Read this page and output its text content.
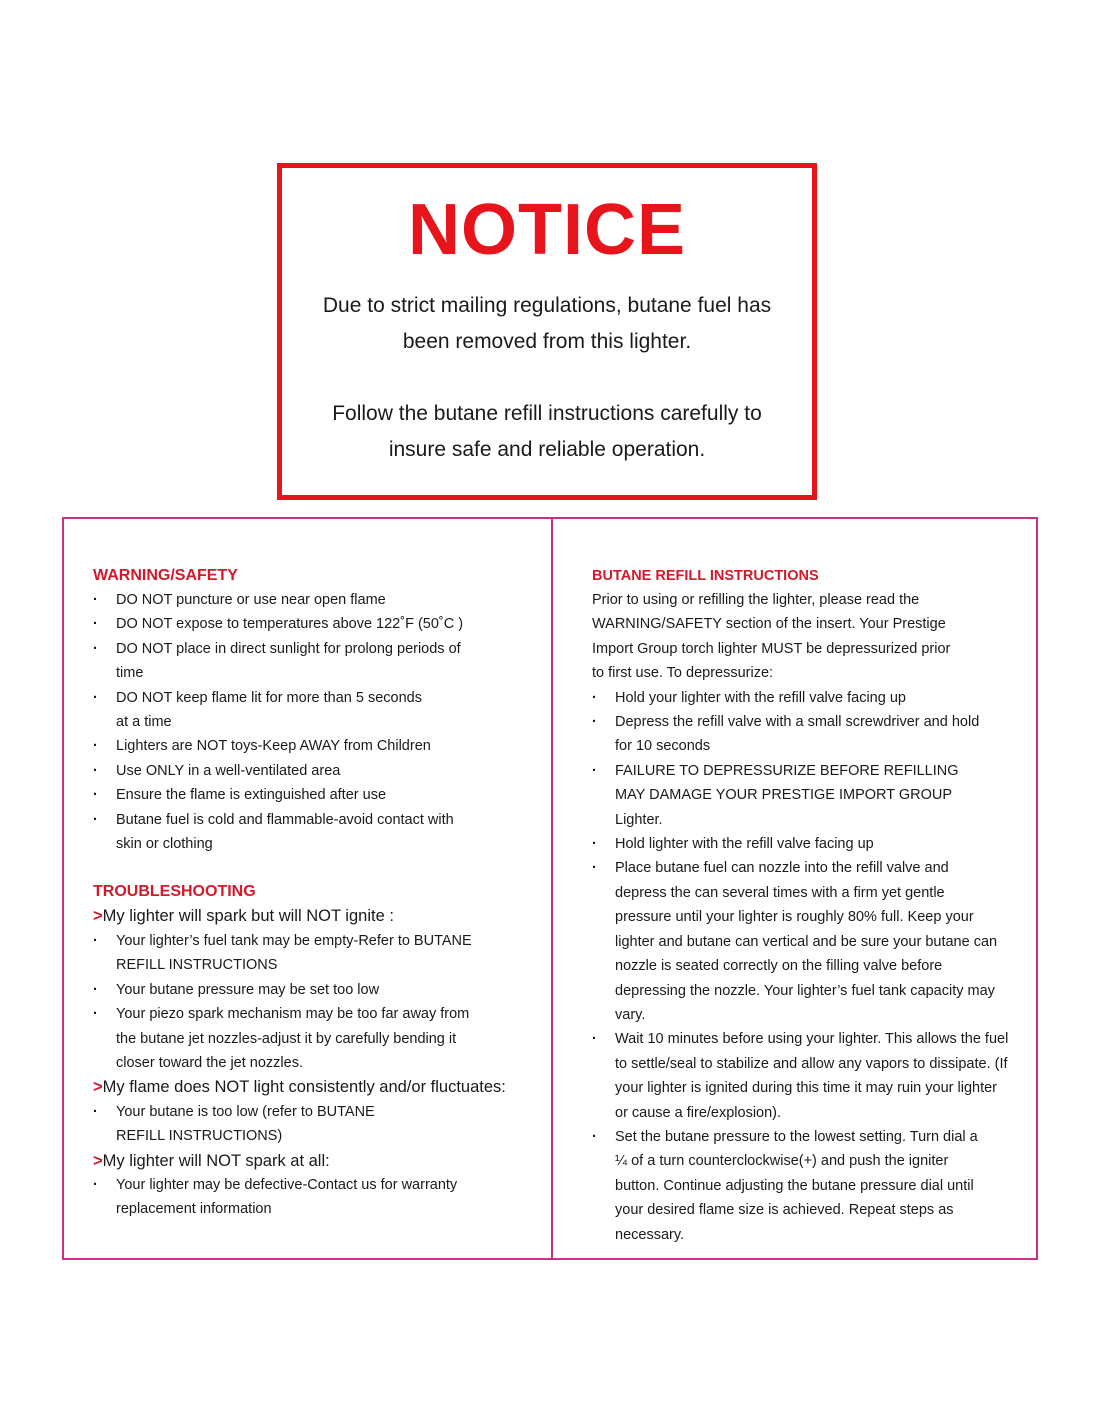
NOTICE

Due to strict mailing regulations, butane fuel has been removed from this lighter.

Follow the butane refill instructions carefully to insure safe and reliable operation.

WARNING/SAFETY
· DO NOT puncture or use near open flame
· DO NOT expose to temperatures above 122˚F (50˚C )
· DO NOT place in direct sunlight for prolong periods of time
· DO NOT keep flame lit for more than 5 seconds at a time
· Lighters are NOT toys-Keep AWAY from Children
· Use ONLY in a well-ventilated area
· Ensure the flame is extinguished after use
· Butane fuel is cold and flammable-avoid contact with skin or clothing
TROUBLESHOOTING

>My lighter will spark but will NOT ignite :

· Your lighter’s fuel tank may be empty-Refer to BUTANE REFILL INSTRUCTIONS
· Your butane pressure may be set too low
· Your piezo spark mechanism may be too far away from the butane jet nozzles-adjust it by carefully bending it closer toward the jet nozzles.

>My flame does NOT light consistently and/or fluctuates:

· Your butane is too low (refer to BUTANE REFILL INSTRUCTIONS)

>My lighter will NOT spark at all:

· Your lighter may be defective-Contact us for warranty replacement information
BUTANE REFILL INSTRUCTIONS

Prior to using or refilling the lighter, please read the WARNING/SAFETY section of the insert. Your Prestige Import Group torch lighter MUST be depressurized prior to first use. To depressurize:

· Hold your lighter with the refill valve facing up
· Depress the refill valve with a small screwdriver and hold for 10 seconds
· FAILURE TO DEPRESSURIZE BEFORE REFILLING MAY DAMAGE YOUR PRESTIGE IMPORT GROUP Lighter.
· Hold lighter with the refill valve facing up
· Place butane fuel can nozzle into the refill valve and depress the can several times with a firm yet gentle pressure until your lighter is roughly 80% full. Keep your lighter and butane can vertical and be sure your butane can nozzle is seated correctly on the filling valve before depressing the nozzle. Your lighter’s fuel tank capacity may vary.
· Wait 10 minutes before using your lighter. This allows the fuel to settle/seal to stabilize and allow any vapors to dissipate. (If your lighter is ignited during this time it may ruin your lighter or cause a fire/explosion).
· Set the butane pressure to the lowest setting. Turn dial a ¼ of a turn counterclockwise(+) and push the igniter button. Continue adjusting the butane pressure dial until your desired flame size is achieved. Repeat steps as necessary.
